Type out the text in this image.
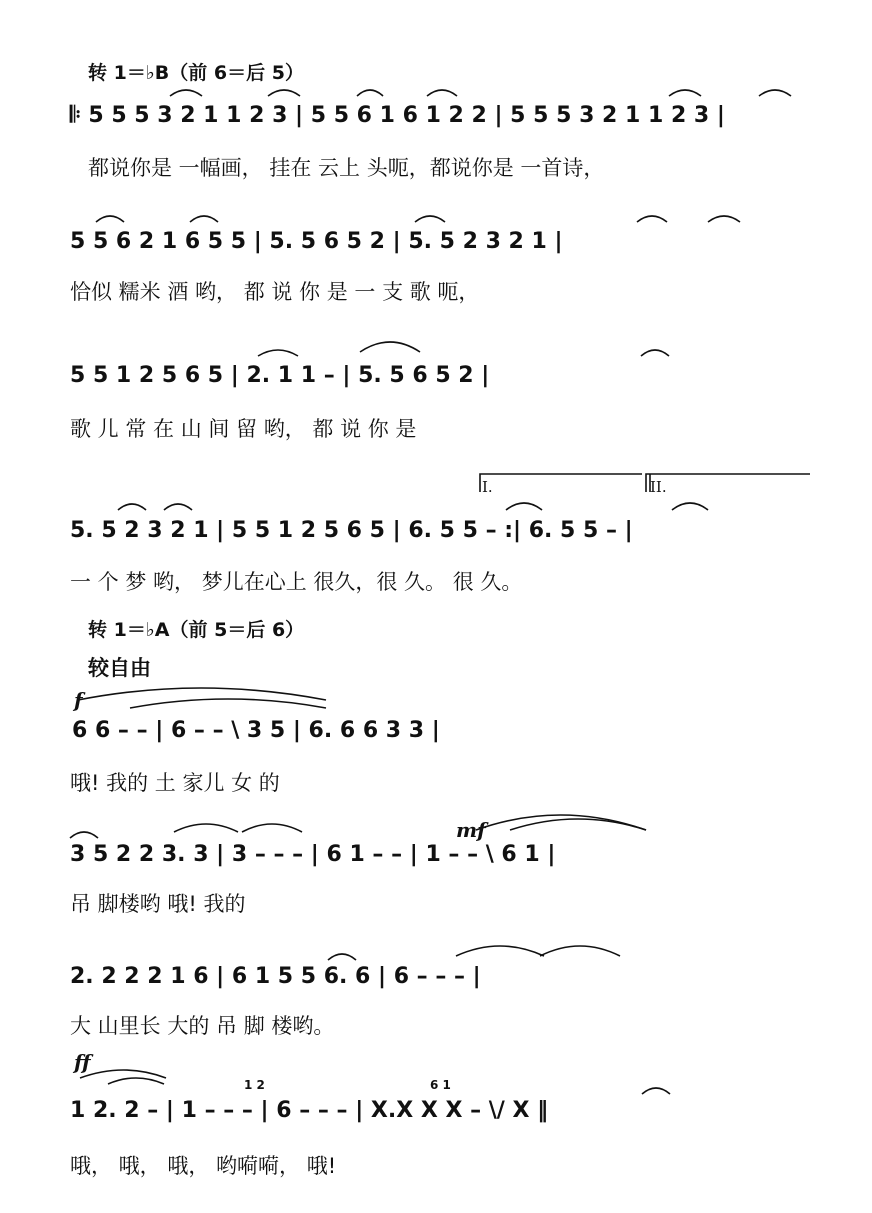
转 1＝♭B（前 6＝后 5）
𝄆 5 5 5 3 2 1 1 2 3 | 5 5 6 1 6 1 2 2 | 5 5 5 3 2 1 1 2 3 |
都说你是 一幅画， 挂在 云上 头呃，都说你是 一首诗，
5 5 6 2 1 6 5 5 | 5. 5 6 5 2 | 5. 5 2 3 2 1 |
恰似 糯米 酒 哟， 都 说 你 是 一 支 歌 呃，
5 5 1 2 5 6 5 | 2. 1 1 – | 5. 5 6 5 2 |
歌 儿 常 在 山 间 留 哟， 都 说 你 是
I.	II.
5. 5 2 3 2 1 | 5 5 1 2 5 6 5 | 6. 5 5 – :| 6. 5 5 – |
一 个 梦 哟， 梦儿在心上 很久，很 久。 很 久。
转 1＝♭A（前 5＝后 6）
较自由
f
6 6 – – | 6 – – \ 3 5 | 6. 6 6 3 3 |
哦! 我的 土 家儿 女 的
mf
3 5 2 2 3. 3 | 3 – – – | 6 1 – – | 1 – – \ 6 1 |
吊 脚楼哟 哦! 我的
2. 2 2 2 1 6 | 6 1 5 5 6. 6 | 6 – – – |
大 山里长 大的 吊 脚 楼哟。
ff
1 2	6 1
1 2. 2 – | 1 – – – | 6 – – – | X.X X X – \/ X ‖
哦， 哦， 哦， 哟嗬嗬， 哦!
